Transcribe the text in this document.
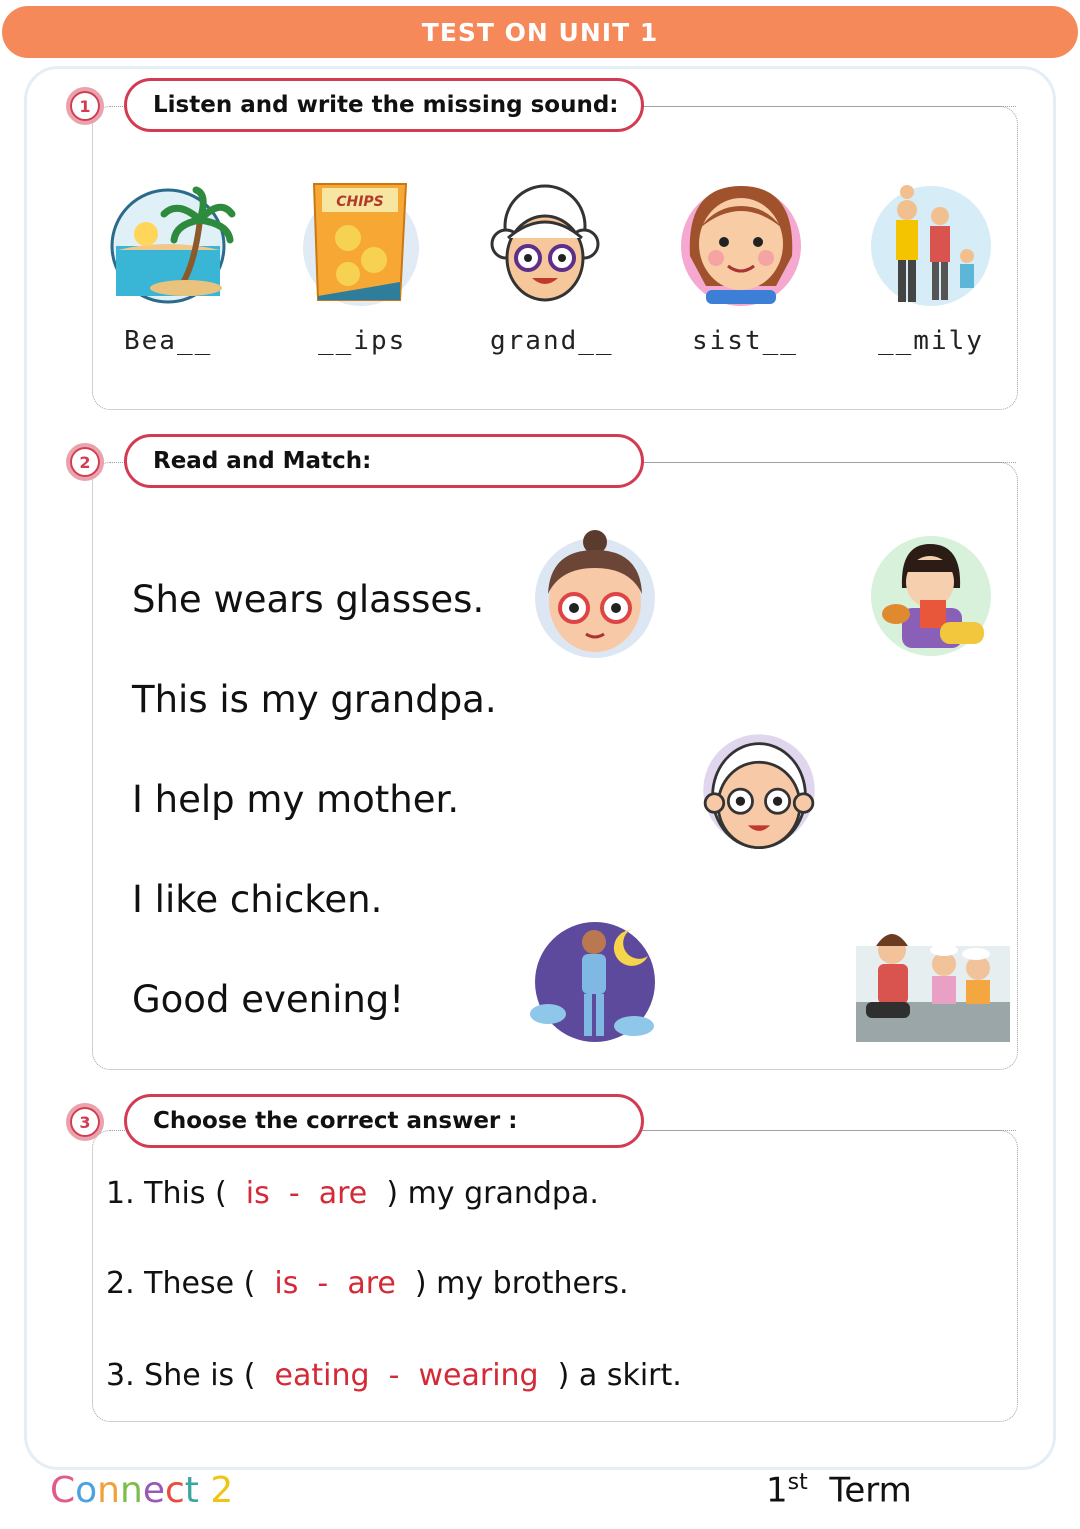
TEST ON UNIT 1
1	Listen and write the missing sound:
CHIPS
Bea__	__ips	grand__	sist__	__mily
2	Read and Match:
She wears glasses.
This is my grandpa.
I help my mother.
I like chicken.
Good evening!
3	Choose the correct answer :
1. This ( is - are ) my grandpa.
2. These ( is - are ) my brothers.
3. She is ( eating - wearing ) a skirt.
Connect 2	1st Term
